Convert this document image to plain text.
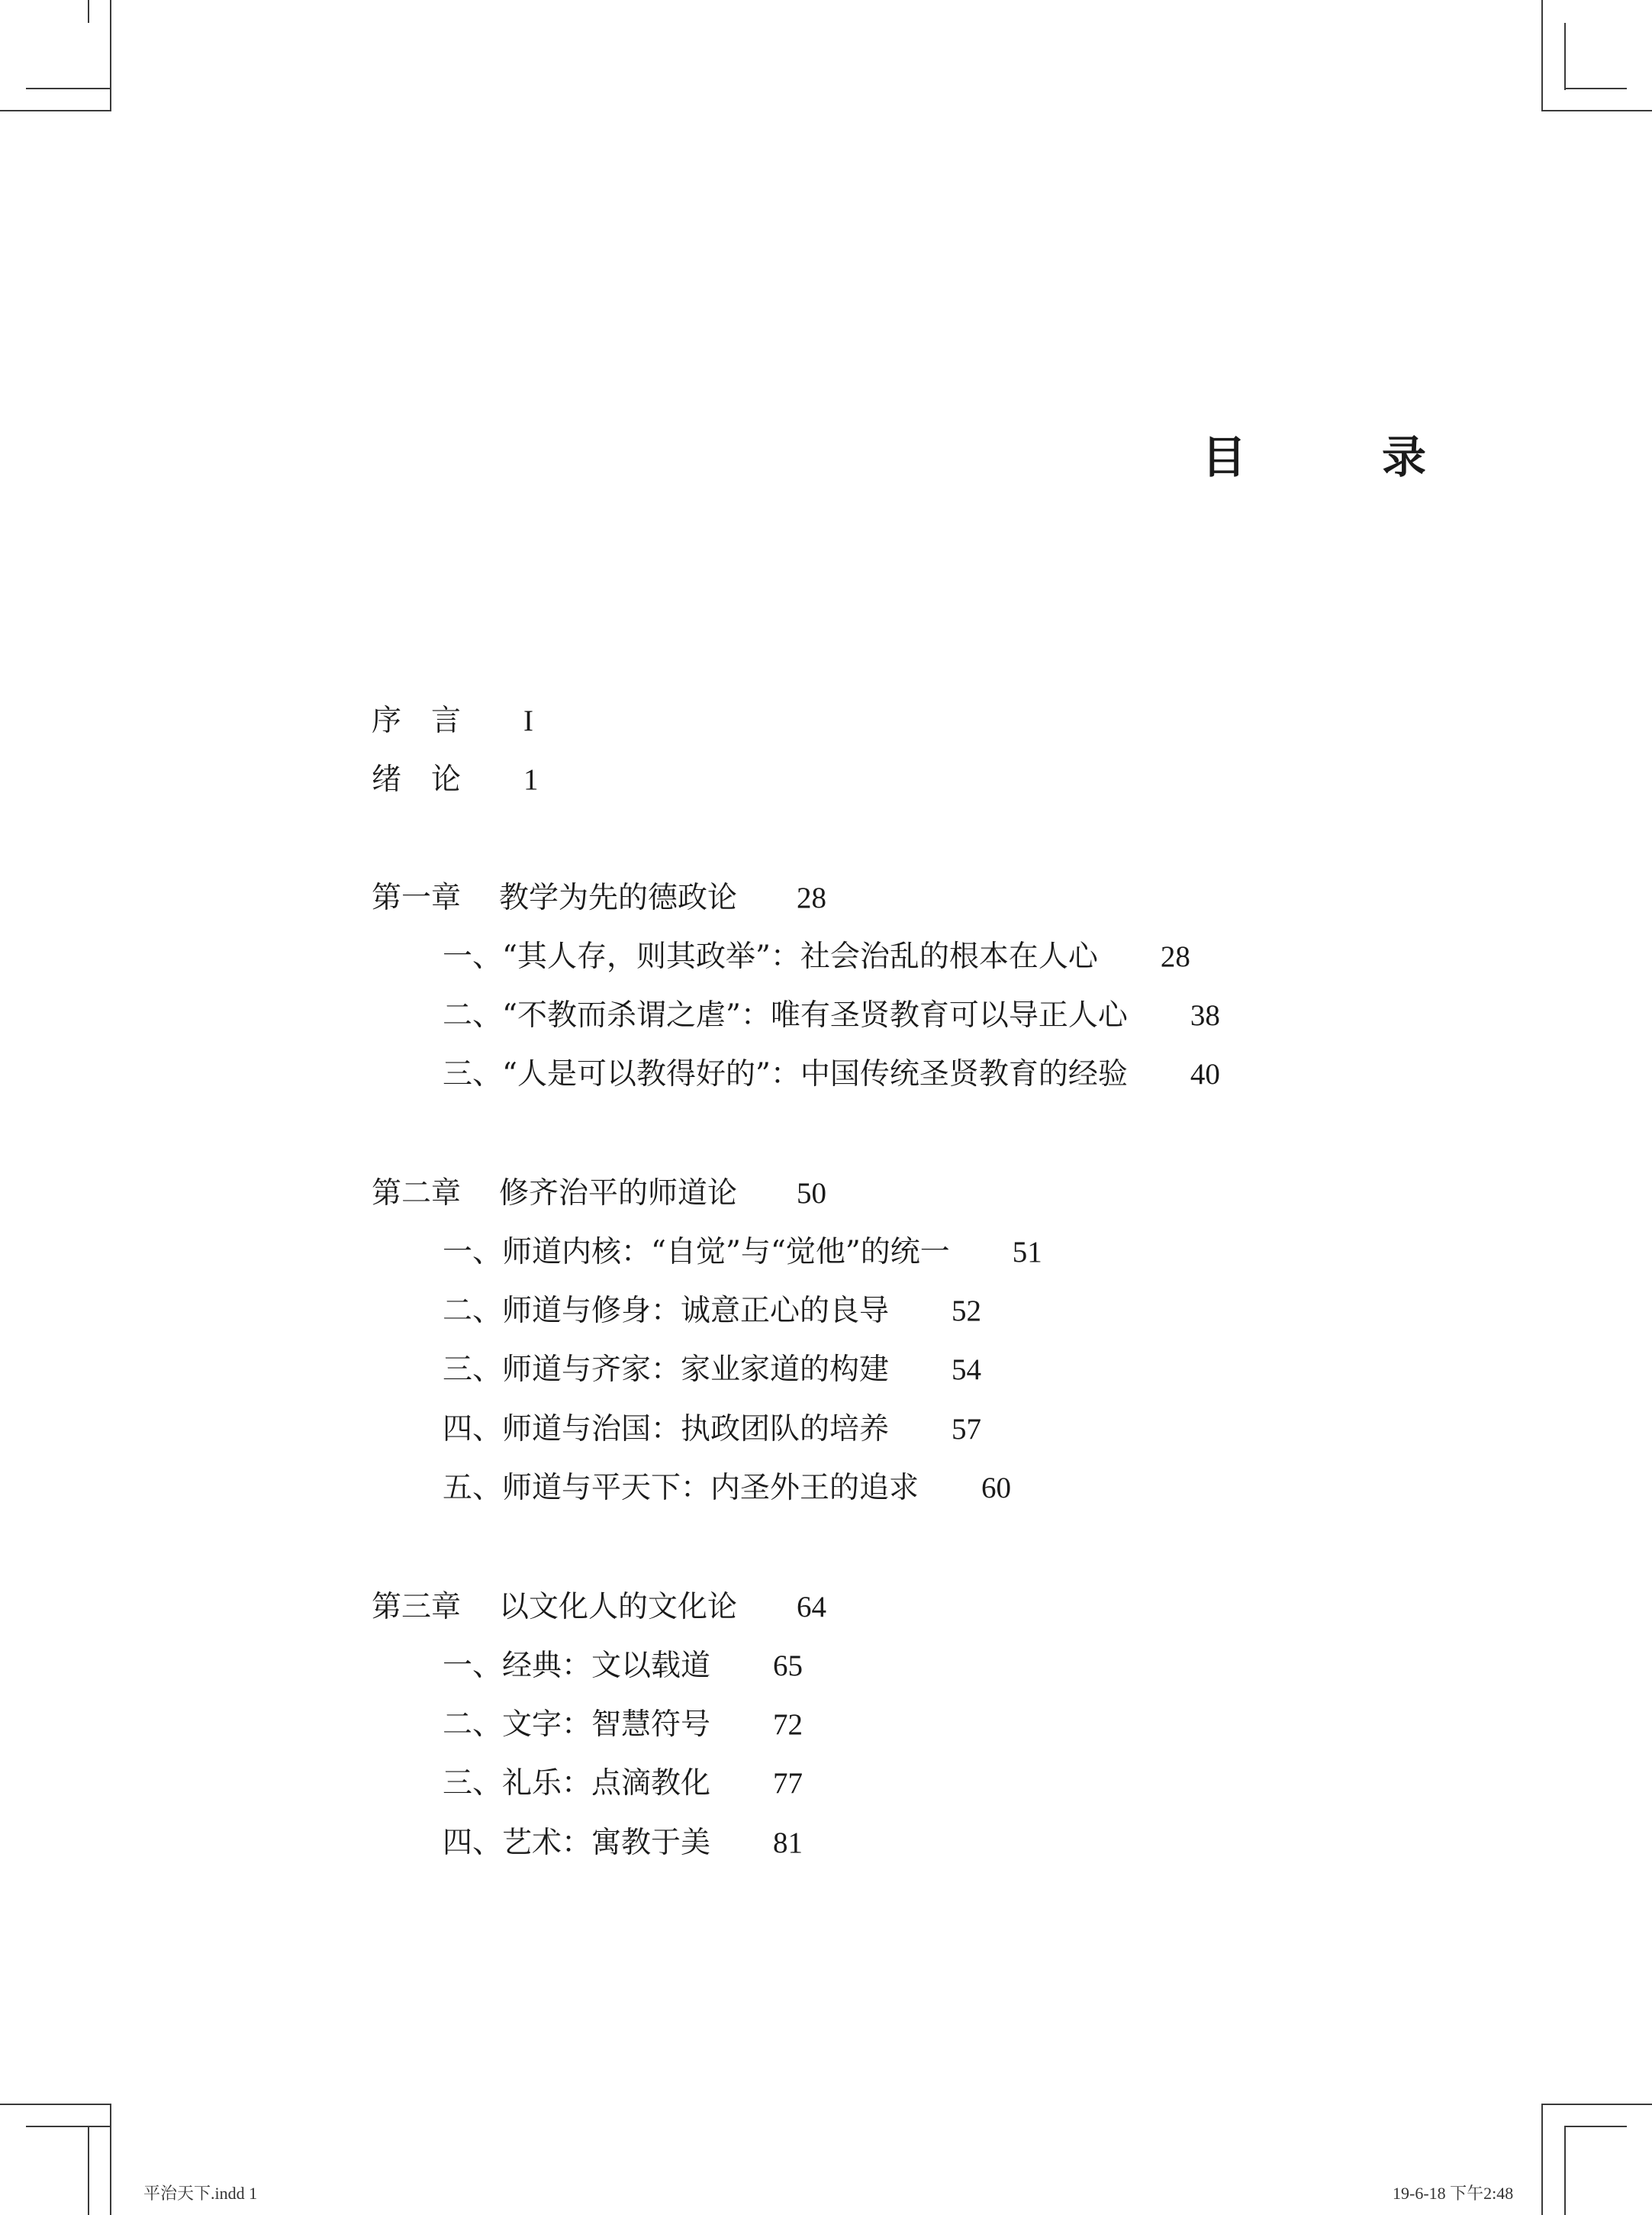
目　录
序　言 I
绪　论 1
第一章 教学为先的德政论 28
一、“其人存，则其政举”：社会治乱的根本在人心 28
二、“不教而杀谓之虐”：唯有圣贤教育可以导正人心 38
三、“人是可以教得好的”：中国传统圣贤教育的经验 40
第二章 修齐治平的师道论 50
一、师道内核：“自觉”与“觉他”的统一 51
二、师道与修身：诚意正心的良导 52
三、师道与齐家：家业家道的构建 54
四、师道与治国：执政团队的培养 57
五、师道与平天下：内圣外王的追求 60
第三章 以文化人的文化论 64
一、经典：文以载道 65
二、文字：智慧符号 72
三、礼乐：点滴教化 77
四、艺术：寓教于美 81
平治天下.indd 1	19-6-18 下午2:48
